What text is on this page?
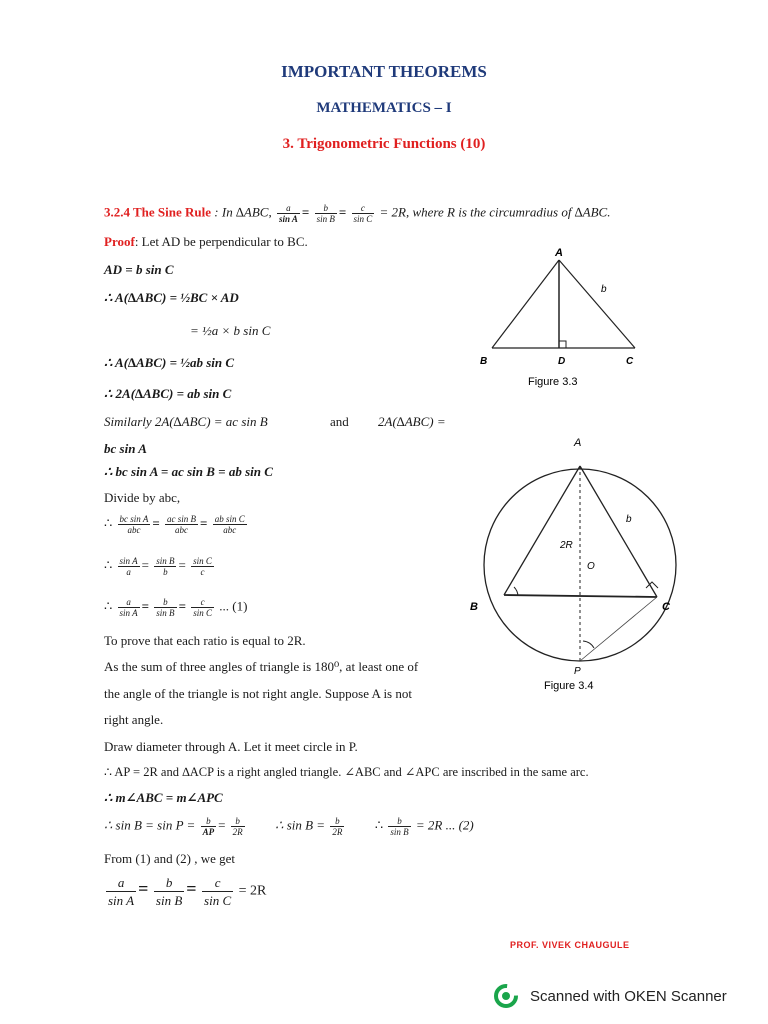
IMPORTANT THEOREMS
MATHEMATICS – I
3. Trigonometric Functions (10)
3.2.4 The Sine Rule : In ∆ABC, $\frac{a}{\text{sin A}} = \frac{b}{\text{sin B}} = \frac{c}{\text{sin C}} = 2R$, where R is the circumradius of ∆ABC.
Proof: Let AD be perpendicular to BC.
AD = b sin C
∴ A(∆ABC) = ½BC × AD
= ½a × b sin C
∴ A(∆ABC) = ½ab sin C
∴ 2A(∆ABC) = ab sin C
Similarly 2A(∆ABC) = ac sin B	and 2A(∆ABC) =
bc sin A
∴ bc sin A = ac sin B = ab sin C
Divide by abc,
∴ $\frac{\text{bc sin A}}{\text{abc}} = \frac{\text{ac sin B}}{\text{abc}} = \frac{\text{ab sin C}}{\text{abc}}$
∴ $\frac{\text{sin A}}{a} = \frac{\text{sin B}}{b} = \frac{\text{sin C}}{c}$
∴ $\frac{a}{\text{sin A}} = \frac{b}{\text{sin B}} = \frac{c}{\text{sin C}}$ ... (1)
To prove that each ratio is equal to 2R.
As the sum of three angles of triangle is 180⁰, at least one of
the angle of the triangle is not right angle. Suppose A is not
right angle.
Draw diameter through A. Let it meet circle in P.
∴ AP = 2R and ∆ACP is a right angled triangle. ∠ABC and ∠APC are inscribed in the same arc.
∴ m∠ABC = m∠APC
∴ $\sin B = \sin P = \frac{b}{AP} = \frac{b}{2R}$ ∴ $\sin B = \frac{b}{2R}$ ∴ $\frac{b}{\text{sin B}} = 2R$ ... (2)
From (1) and (2) , we get
$\frac{a}{\text{sin A}} = \frac{b}{\text{sin B}} = \frac{c}{\text{sin C}} = 2R$
A
b
B	D	C
Figure 3.3
A
b
2R
O
B	C
P
Figure 3.4
PROF. VIVEK CHAUGULE
Scanned with OKEN Scanner
